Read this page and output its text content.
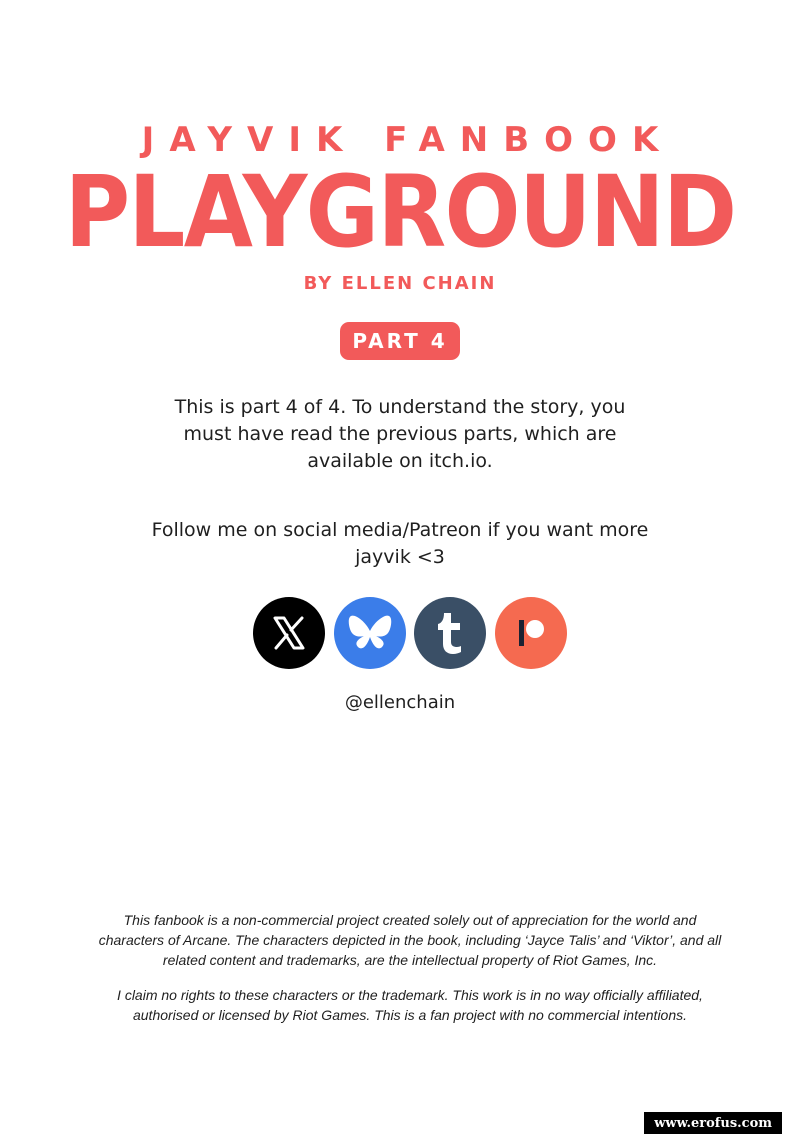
JAYVIK FANBOOK
PLAYGROUND
BY ELLEN CHAIN
PART 4
This is part 4 of 4. To understand the story, you must have read the previous parts, which are available on itch.io.
Follow me on social media/Patreon if you want more jayvik <3
@ellenchain
This fanbook is a non-commercial project created solely out of appreciation for the world and characters of Arcane. The characters depicted in the book, including ‘Jayce Talis’ and ‘Viktor’, and all related content and trademarks, are the intellectual property of Riot Games, Inc.
I claim no rights to these characters or the trademark. This work is in no way officially affiliated, authorised or licensed by Riot Games. This is a fan project with no commercial intentions.
www.erofus.com
